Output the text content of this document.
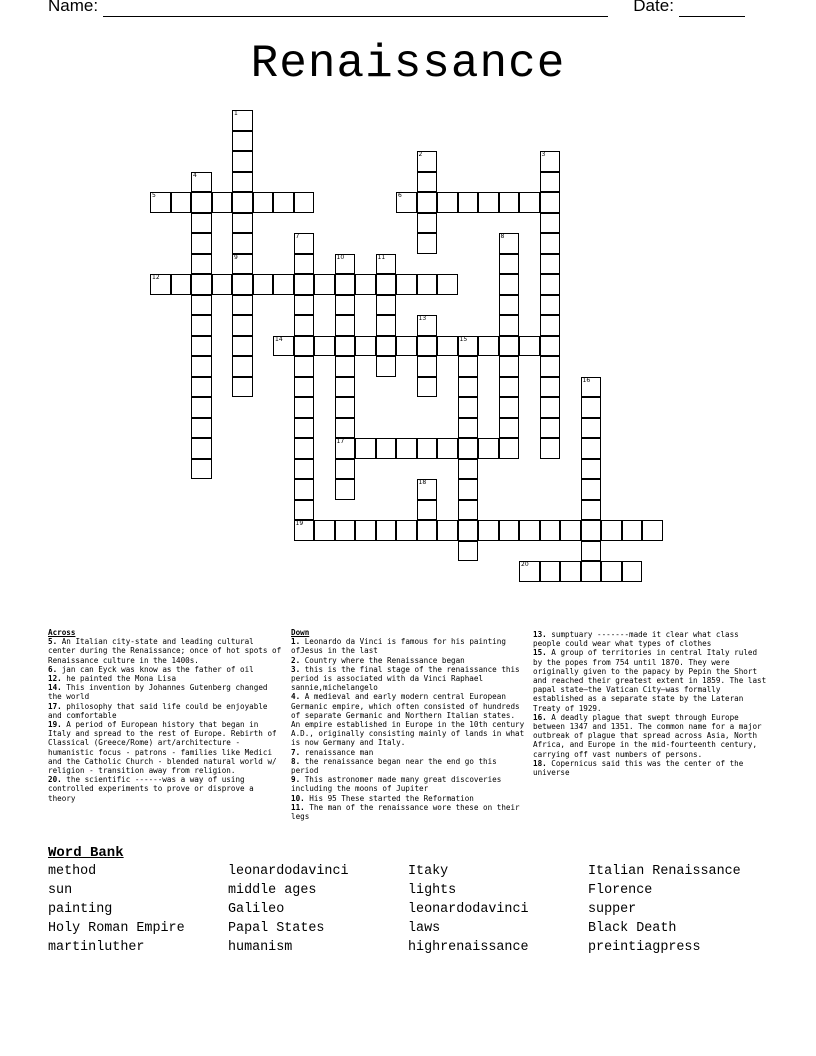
Name:	Date:
Renaissance
1
9
2	3
4
5	6
7
19
8
10
17
11
12
13
14	15
16
18
20
Across
5. An Italian city-state and leading cultural center during the Renaissance; once of hot spots of Renaissance culture in the 1400s.
6. jan can Eyck was know as the father of oil
12. he painted the Mona Lisa
14. This invention by Johannes Gutenberg changed the world
17. philosophy that said life could be enjoyable and comfortable
19. A period of European history that began in Italy and spread to the rest of Europe. Rebirth of Classical (Greece/Rome) art/architecture - humanistic focus - patrons - families like Medici and the Catholic Church - blended natural world w/ religion - transition away from religion.
20. the scientific ------was a way of using controlled experiments to prove or disprove a theory
Down
1. Leonardo da Vinci is famous for his painting ofJesus in the last
2. Country where the Renaissance began
3. this is the final stage of the renaissance this period is associated with da Vinci Raphael sannie,michelangelo
4. A medieval and early modern central European Germanic empire, which often consisted of hundreds of separate Germanic and Northern Italian states. An empire established in Europe in the 10th century A.D., originally consisting mainly of lands in what is now Germany and Italy.
7. renaissance man
8. the renaissance began near the end go this period
9. This astronomer made many great discoveries including the moons of Jupiter
10. His 95 These started the Reformation
11. The man of the renaissance wore these on their legs
13. sumptuary -------made it clear what class people could wear what types of clothes
15. A group of territories in central Italy ruled by the popes from 754 until 1870. They were originally given to the papacy by Pepin the Short and reached their greatest extent in 1859. The last papal state—the Vatican City—was formally established as a separate state by the Lateran Treaty of 1929.
16. A deadly plague that swept through Europe between 1347 and 1351. The common name for a major outbreak of plague that spread across Asia, North Africa, and Europe in the mid-fourteenth century, carrying off vast numbers of persons.
18. Copernicus said this was the center of the universe
Word Bank
method	leonardodavinci	Itaky	Italian Renaissance
sun	middle ages	lights	Florence
painting	Galileo	leonardodavinci	supper
Holy Roman Empire	Papal States	laws	Black Death
martinluther	humanism	highrenaissance	preintiagpress
